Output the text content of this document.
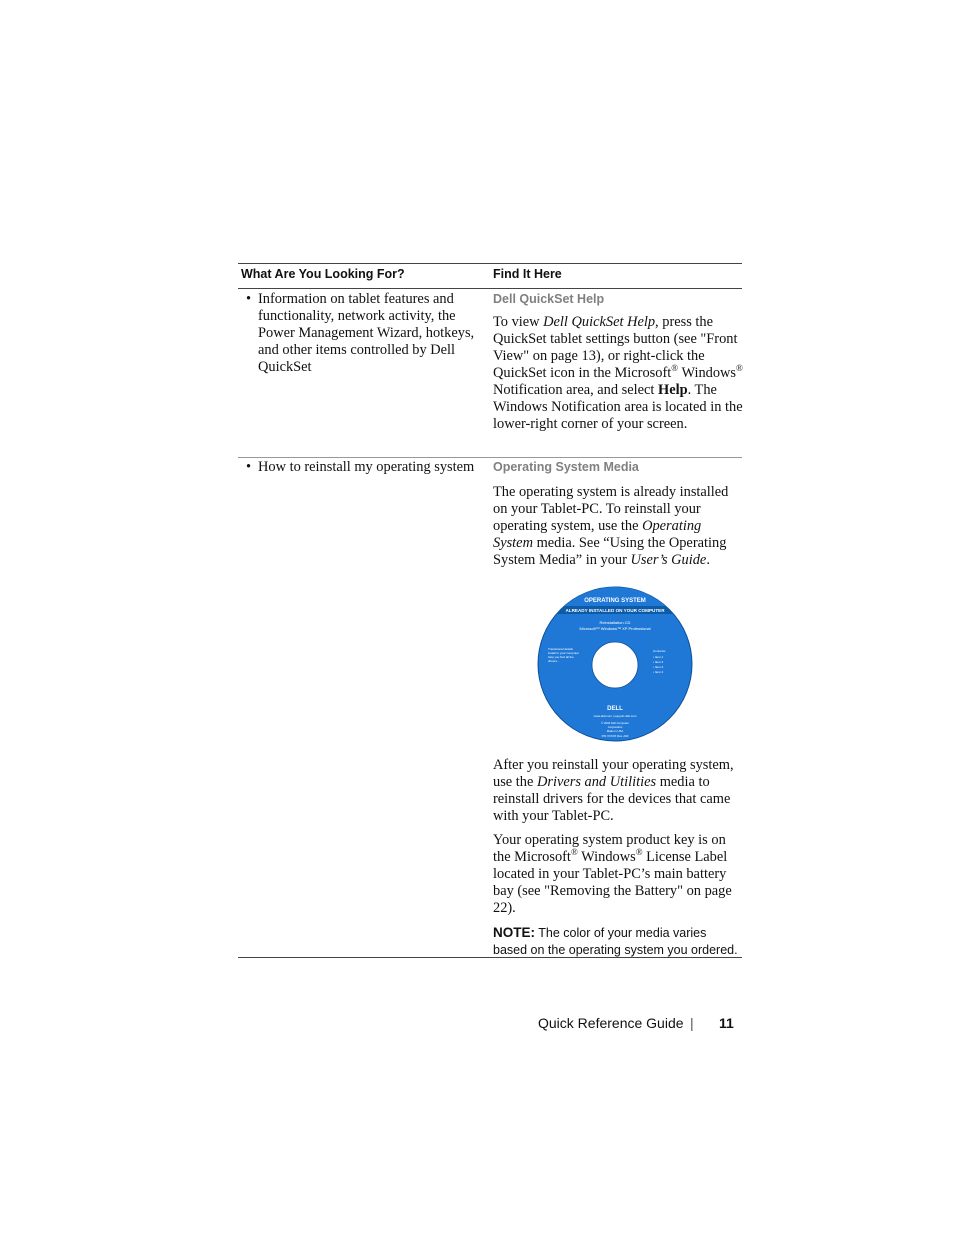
What Are You Looking For?	Find It Here
• Information on tablet features and functionality, network activity, the Power Management Wizard, hotkeys, and other items controlled by Dell QuickSet

Dell QuickSet Help

To view Dell QuickSet Help, press the QuickSet tablet settings button (see "Front View" on page 13), or right-click the QuickSet icon in the Microsoft® Windows® Notification area, and select Help. The Windows Notification area is located in the lower-right corner of your screen.

• How to reinstall my operating system	Operating System Media

The operating system is already installed on your Tablet-PC. To reinstall your operating system, use the Operating System media. See “Using the Operating System Media” in your User’s Guide.

OPERATING SYSTEM
ALREADY INSTALLED ON YOUR COMPUTER
Reinstallation CD
Microsoft™ Windows™ XP Professional
Transitional details
install to your computer
help you find all the
drivers...
Contents:
• Item 1
• Item 2
• Item 3
• Item 4
DELL
www.dell.com | support.dell.com
© 2004 Dell Computer
Corporation
Made in USA
P/N XXXXX Rev. A00

After you reinstall your operating system, use the Drivers and Utilities media to reinstall drivers for the devices that came with your Tablet-PC.

Your operating system product key is on the Microsoft® Windows® License Label located in your Tablet-PC’s main battery bay (see "Removing the Battery" on page 22).

NOTE: The color of your media varies based on the operating system you ordered.

Quick Reference Guide | 11
